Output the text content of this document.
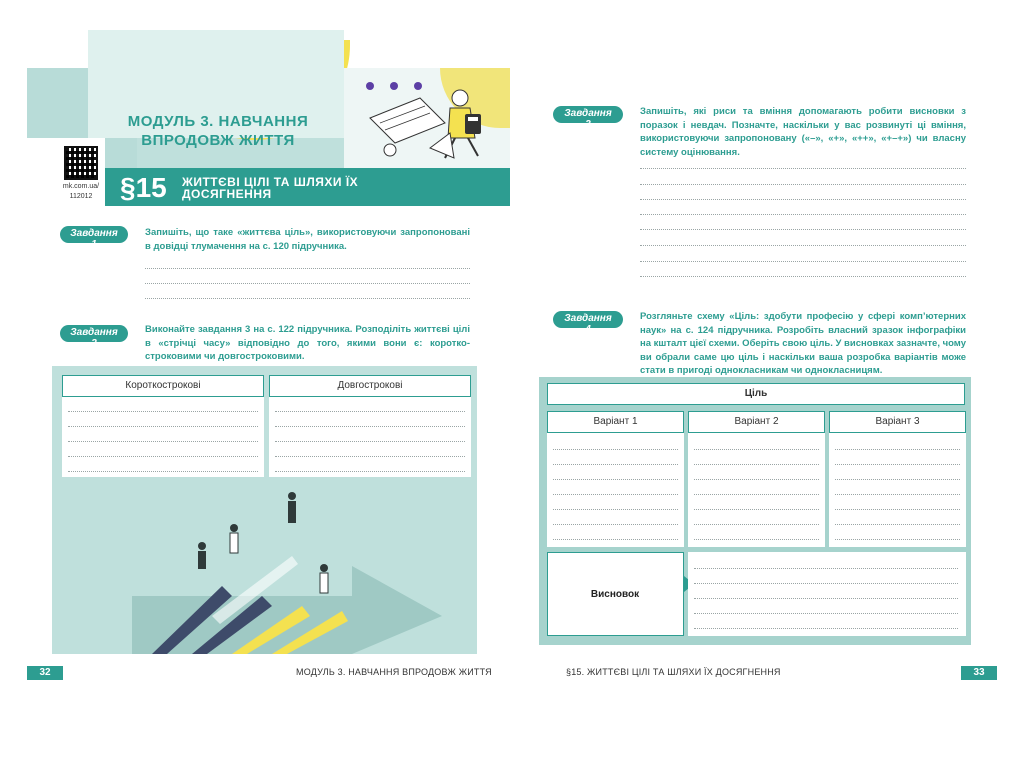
МОДУЛЬ 3. НАВЧАННЯ ВПРОДОВЖ ЖИТТЯ
mk.com.ua/
112012 §15 ЖИТТЄВІ ЦІЛІ ТА ШЛЯХИ ЇХ ДОСЯГНЕННЯ
Завдання 1
Запишіть, що таке «життєва ціль», використовуючи запропоновані в довідці тлумачення на с. 120 підручника.
Завдання 2
Виконайте завдання 3 на с. 122 підручника. Розподіліть життєві цілі в «стрічці часу» відповідно до того, якими вони є: короткостроковими чи довгостроковими.
Короткострокові	Довгострокові
32	МОДУЛЬ 3. НАВЧАННЯ ВПРОДОВЖ ЖИТТЯ
Завдання 3
Запишіть, які риси та вміння допомагають робити висновки з поразок і невдач. Позначте, наскільки у вас розвинуті ці вміння, використовуючи запропоновану («–», «+», «++», «+–+») чи власну систему оцінювання.
Завдання 4
Розгляньте схему «Ціль: здобути професію у сфері комп’ютерних наук» на с. 124 підручника. Розробіть власний зразок інфографіки на кшталт цієї схеми. Оберіть свою ціль. У висновках зазначте, чому ви обрали саме цю ціль і наскільки ваша розробка варіантів може стати в пригоді однокласникам чи однокласницям.
Ціль
Варіант 1	Варіант 2	Варіант 3
Висновок
§15. ЖИТТЄВІ ЦІЛІ ТА ШЛЯХИ ЇХ ДОСЯГНЕННЯ	33
